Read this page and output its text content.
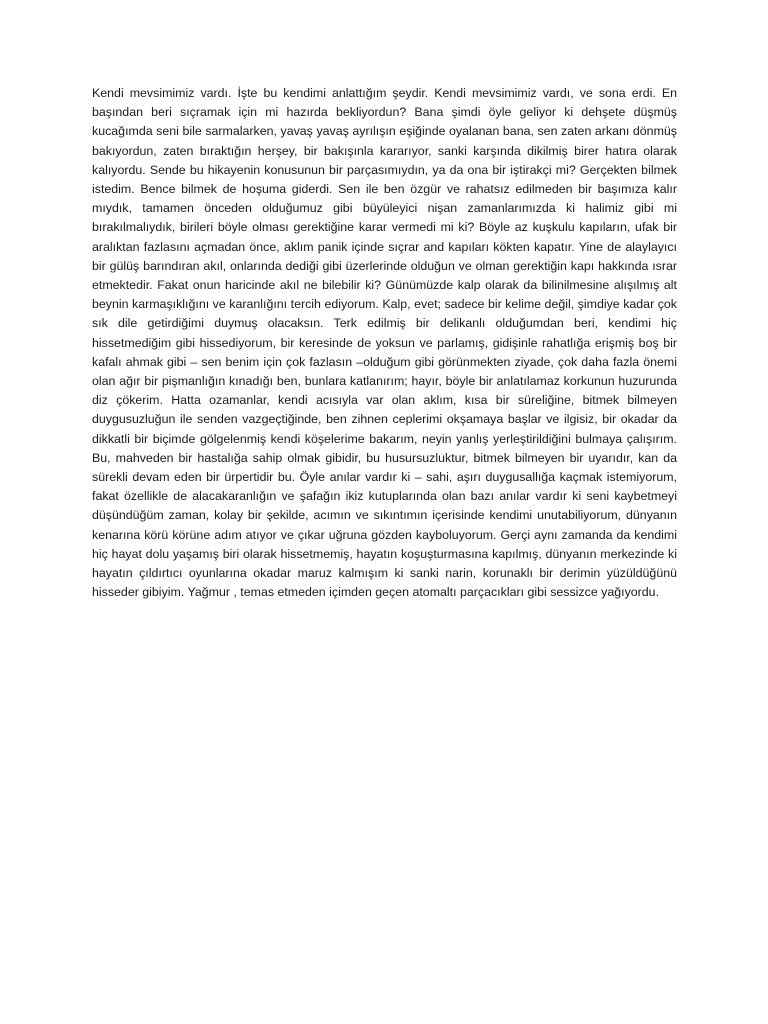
Kendi mevsimimiz vardı. İşte bu kendimi anlattığım şeydir. Kendi mevsimimiz vardı, ve sona erdi. En başından beri sıçramak için mi hazırda bekliyordun? Bana şimdi öyle geliyor ki dehşete düşmüş kucağımda seni bile sarmalarken, yavaş yavaş ayrılışın eşiğinde oyalanan bana, sen zaten arkanı dönmüş bakıyordun, zaten bıraktığın herşey, bir bakışınla kararıyor, sanki karşında dikilmiş birer hatıra olarak kalıyordu. Sende bu hikayenin konusunun bir parçasımıydın, ya da ona bir iştirakçi mi? Gerçekten bilmek istedim. Bence bilmek de hoşuma giderdi. Sen ile ben özgür ve rahatsız edilmeden bir başımıza kalır mıydık, tamamen önceden olduğumuz gibi büyüleyici nişan zamanlarımızda ki halimiz gibi mi bırakılmalıydık, birileri böyle olması gerektiğine karar vermedi mi ki? Böyle az kuşkulu kapıların, ufak bir aralıktan fazlasını açmadan önce, aklım panik içinde sıçrar and kapıları kökten kapatır. Yine de alaylayıcı bir gülüş barındıran akıl, onlarında dediği gibi üzerlerinde olduğun ve olman gerektiğin kapı hakkında ısrar etmektedir. Fakat onun haricinde akıl ne bilebilir ki? Günümüzde kalp olarak da bilinilmesine alışılmış alt beynin karmaşıklığını ve karanlığını tercih ediyorum. Kalp, evet; sadece bir kelime değil, şimdiye kadar çok sık dile getirdiğimi duymuş olacaksın. Terk edilmiş bir delikanlı olduğumdan beri, kendimi hiç hissetmediğim gibi hissediyorum, bir keresinde de yoksun ve parlamış, gidişinle rahatlığa erişmiş boş bir kafalı ahmak gibi – sen benim için çok fazlasın –olduğum gibi görünmekten ziyade, çok daha fazla önemi olan ağır bir pişmanlığın kınadığı ben, bunlara katlanırım; hayır, böyle bir anlatılamaz korkunun huzurunda diz çökerim. Hatta ozamanlar, kendi acısıyla var olan aklım, kısa bir süreliğine, bitmek bilmeyen duygusuzluğun ile senden vazgeçtiğinde, ben zihnen ceplerimi okşamaya başlar ve ilgisiz, bir okadar da dikkatli bir biçimde gölgelenmiş kendi köşelerime bakarım, neyin yanlış yerleştirildiğini bulmaya çalışırım. Bu, mahveden bir hastalığa sahip olmak gibidir, bu husursuzluktur, bitmek bilmeyen bir uyarıdır, kan da sürekli devam eden bir ürpertidir bu. Öyle anılar vardır ki – sahi, aşırı duygusallığa kaçmak istemiyorum, fakat özellikle de alacakaranlığın ve şafağın ikiz kutuplarında olan bazı anılar vardır ki seni kaybetmeyi düşündüğüm zaman, kolay bir şekilde, acımın ve sıkıntımın içerisinde kendimi unutabiliyorum, dünyanın kenarına körü körüne adım atıyor ve çıkar uğruna gözden kayboluyorum. Gerçi aynı zamanda da kendimi hiç hayat dolu yaşamış biri olarak hissetmemiş, hayatın koşuşturmasına kapılmış, dünyanın merkezinde ki hayatın çıldırtıcı oyunlarına okadar maruz kalmışım ki sanki narin, korunaklı bir derimin yüzüldüğünü hisseder gibiyim. Yağmur , temas etmeden içimden geçen atomaltı parçacıkları gibi sessizce yağıyordu.
